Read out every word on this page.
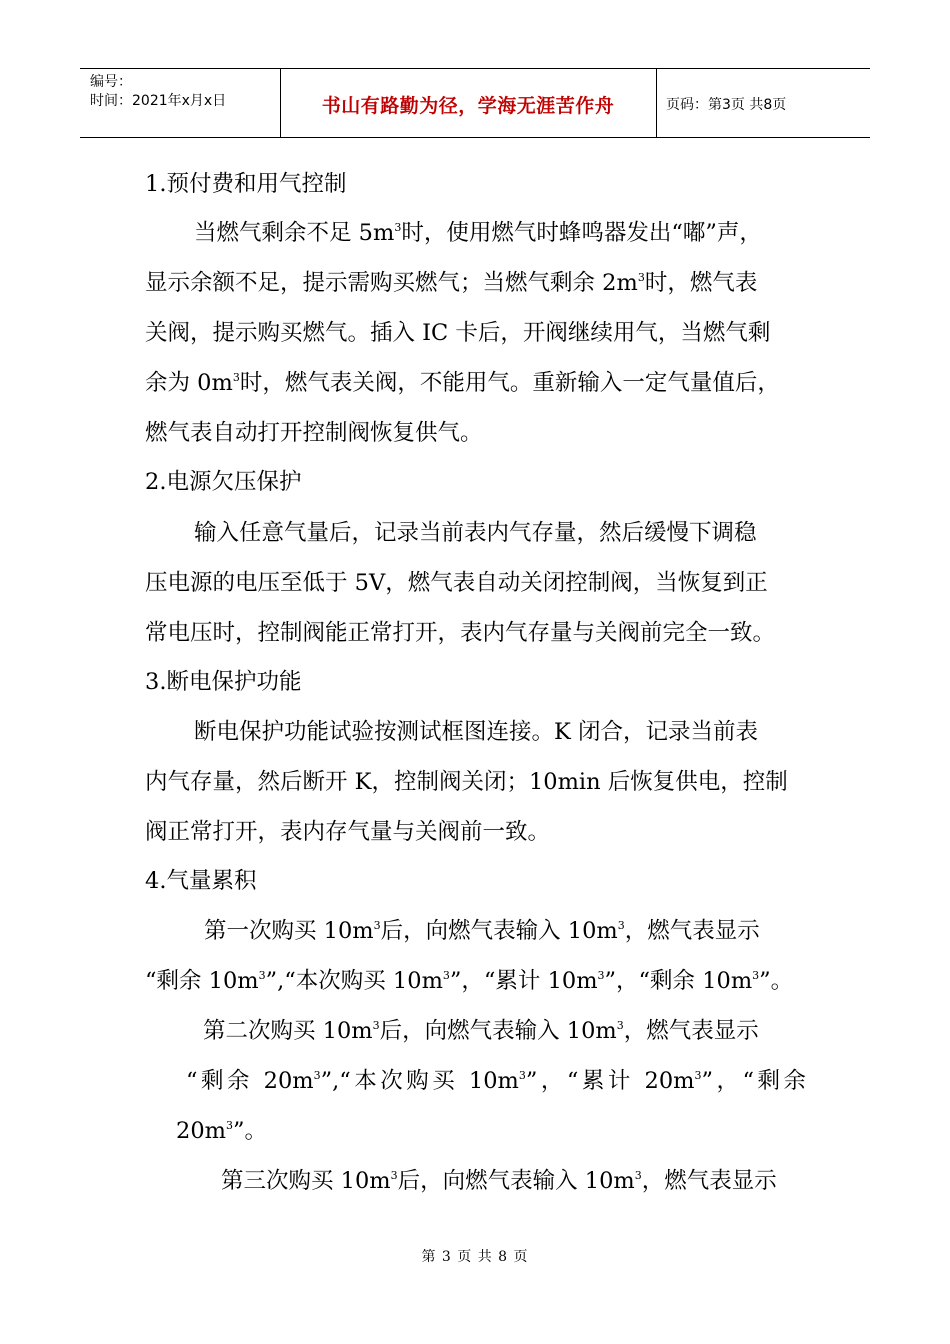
编号：
时间：2021年x月x日	书山有路勤为径，学海无涯苦作舟	页码：第3页 共8页
1.预付费和用气控制
当燃气剩余不足 $5m^3$时，使用燃气时蜂鸣器发出“嘟”声，
显示余额不足，提示需购买燃气；当燃气剩余 $2m^3$时，燃气表
关阀，提示购买燃气。插入 IC 卡后，开阀继续用气，当燃气剩
余为 $0m^3$时，燃气表关阀，不能用气。重新输入一定气量值后，
燃气表自动打开控制阀恢复供气。
2.电源欠压保护
输入任意气量后，记录当前表内气存量，然后缓慢下调稳
压电源的电压至低于 5V，燃气表自动关闭控制阀，当恢复到正
常电压时，控制阀能正常打开，表内气存量与关阀前完全一致。
3.断电保护功能
断电保护功能试验按测试框图连接。K 闭合，记录当前表
内气存量，然后断开 K，控制阀关闭；10min 后恢复供电，控制
阀正常打开，表内存气量与关阀前一致。
4.气量累积
第一次购买 $10m^3$后，向燃气表输入 $10m^3$，燃气表显示
“剩余 $10m^3”,“$本次购买 $10m^3$”，“累计 $10m^3$”，“剩余 $10m^3$”。
第二次购买 $10m^3$后，向燃气表输入 $10m^3$，燃气表显示
“剩余 $20m^3”,“$本次购买 $10m^3$”，“累计 $20m^3$”，“剩余
$20m^3$”。
第三次购买 $10m^3$后，向燃气表输入 $10m^3$，燃气表显示
第 3 页 共 8 页
